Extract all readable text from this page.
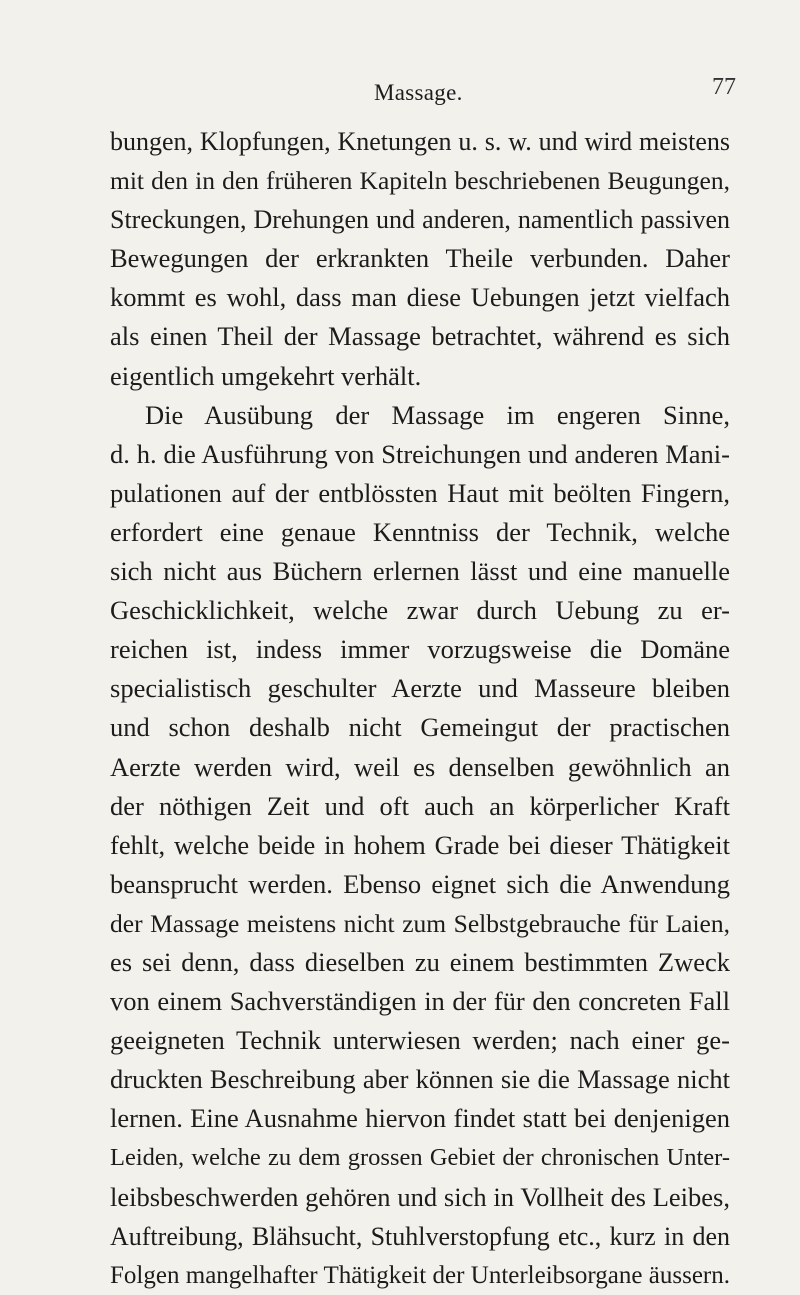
Massage.	77
bungen, Klopfungen, Knetungen u. s. w. und wird meistens
mit den in den früheren Kapiteln beschriebenen Beugungen,
Streckungen, Drehungen und anderen, namentlich passiven
Bewegungen der erkrankten Theile verbunden. Daher
kommt es wohl, dass man diese Uebungen jetzt vielfach
als einen Theil der Massage betrachtet, während es sich
eigentlich umgekehrt verhält.
Die Ausübung der Massage im engeren Sinne,
d. h. die Ausführung von Streichungen und anderen Mani-
pulationen auf der entblössten Haut mit beölten Fingern,
erfordert eine genaue Kenntniss der Technik, welche
sich nicht aus Büchern erlernen lässt und eine manuelle
Geschicklichkeit, welche zwar durch Uebung zu er-
reichen ist, indess immer vorzugsweise die Domäne
specialistisch geschulter Aerzte und Masseure bleiben
und schon deshalb nicht Gemeingut der practischen
Aerzte werden wird, weil es denselben gewöhnlich an
der nöthigen Zeit und oft auch an körperlicher Kraft
fehlt, welche beide in hohem Grade bei dieser Thätigkeit
beansprucht werden. Ebenso eignet sich die Anwendung
der Massage meistens nicht zum Selbstgebrauche für Laien,
es sei denn, dass dieselben zu einem bestimmten Zweck
von einem Sachverständigen in der für den concreten Fall
geeigneten Technik unterwiesen werden; nach einer ge-
druckten Beschreibung aber können sie die Massage nicht
lernen. Eine Ausnahme hiervon findet statt bei denjenigen
Leiden, welche zu dem grossen Gebiet der chronischen Unter-
leibsbeschwerden gehören und sich in Vollheit des Leibes,
Auftreibung, Blähsucht, Stuhlverstopfung etc., kurz in den
Folgen mangelhafter Thätigkeit der Unterleibsorgane äussern.
